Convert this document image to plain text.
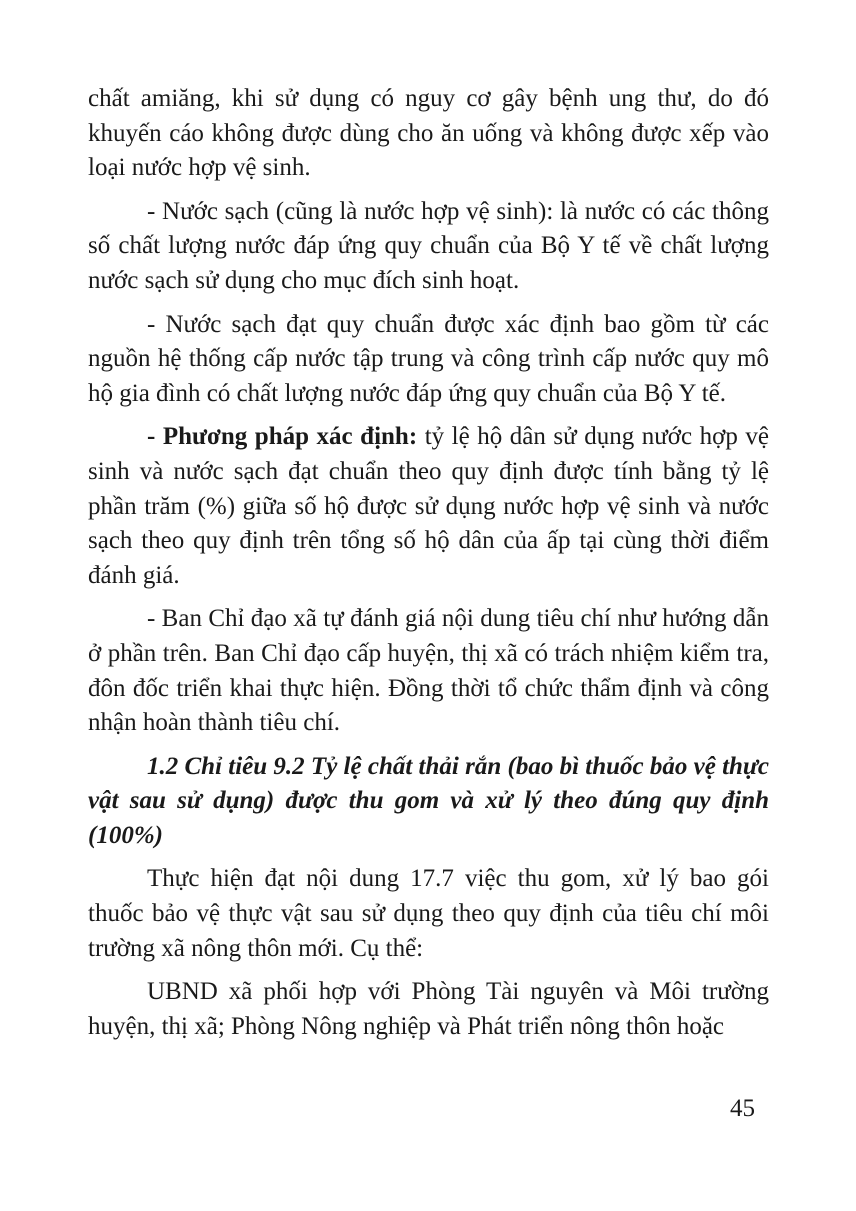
chất amiăng, khi sử dụng có nguy cơ gây bệnh ung thư, do đó khuyến cáo không được dùng cho ăn uống và không được xếp vào loại nước hợp vệ sinh.

- Nước sạch (cũng là nước hợp vệ sinh): là nước có các thông số chất lượng nước đáp ứng quy chuẩn của Bộ Y tế về chất lượng nước sạch sử dụng cho mục đích sinh hoạt.

- Nước sạch đạt quy chuẩn được xác định bao gồm từ các nguồn hệ thống cấp nước tập trung và công trình cấp nước quy mô hộ gia đình có chất lượng nước đáp ứng quy chuẩn của Bộ Y tế.

- Phương pháp xác định: tỷ lệ hộ dân sử dụng nước hợp vệ sinh và nước sạch đạt chuẩn theo quy định được tính bằng tỷ lệ phần trăm (%) giữa số hộ được sử dụng nước hợp vệ sinh và nước sạch theo quy định trên tổng số hộ dân của ấp tại cùng thời điểm đánh giá.

- Ban Chỉ đạo xã tự đánh giá nội dung tiêu chí như hướng dẫn ở phần trên. Ban Chỉ đạo cấp huyện, thị xã có trách nhiệm kiểm tra, đôn đốc triển khai thực hiện. Đồng thời tổ chức thẩm định và công nhận hoàn thành tiêu chí.

1.2 Chỉ tiêu 9.2 Tỷ lệ chất thải rắn (bao bì thuốc bảo vệ thực vật sau sử dụng) được thu gom và xử lý theo đúng quy định (100%)

Thực hiện đạt nội dung 17.7 việc thu gom, xử lý bao gói thuốc bảo vệ thực vật sau sử dụng theo quy định của tiêu chí môi trường xã nông thôn mới. Cụ thể:

UBND xã phối hợp với Phòng Tài nguyên và Môi trường huyện, thị xã; Phòng Nông nghiệp và Phát triển nông thôn hoặc

45
